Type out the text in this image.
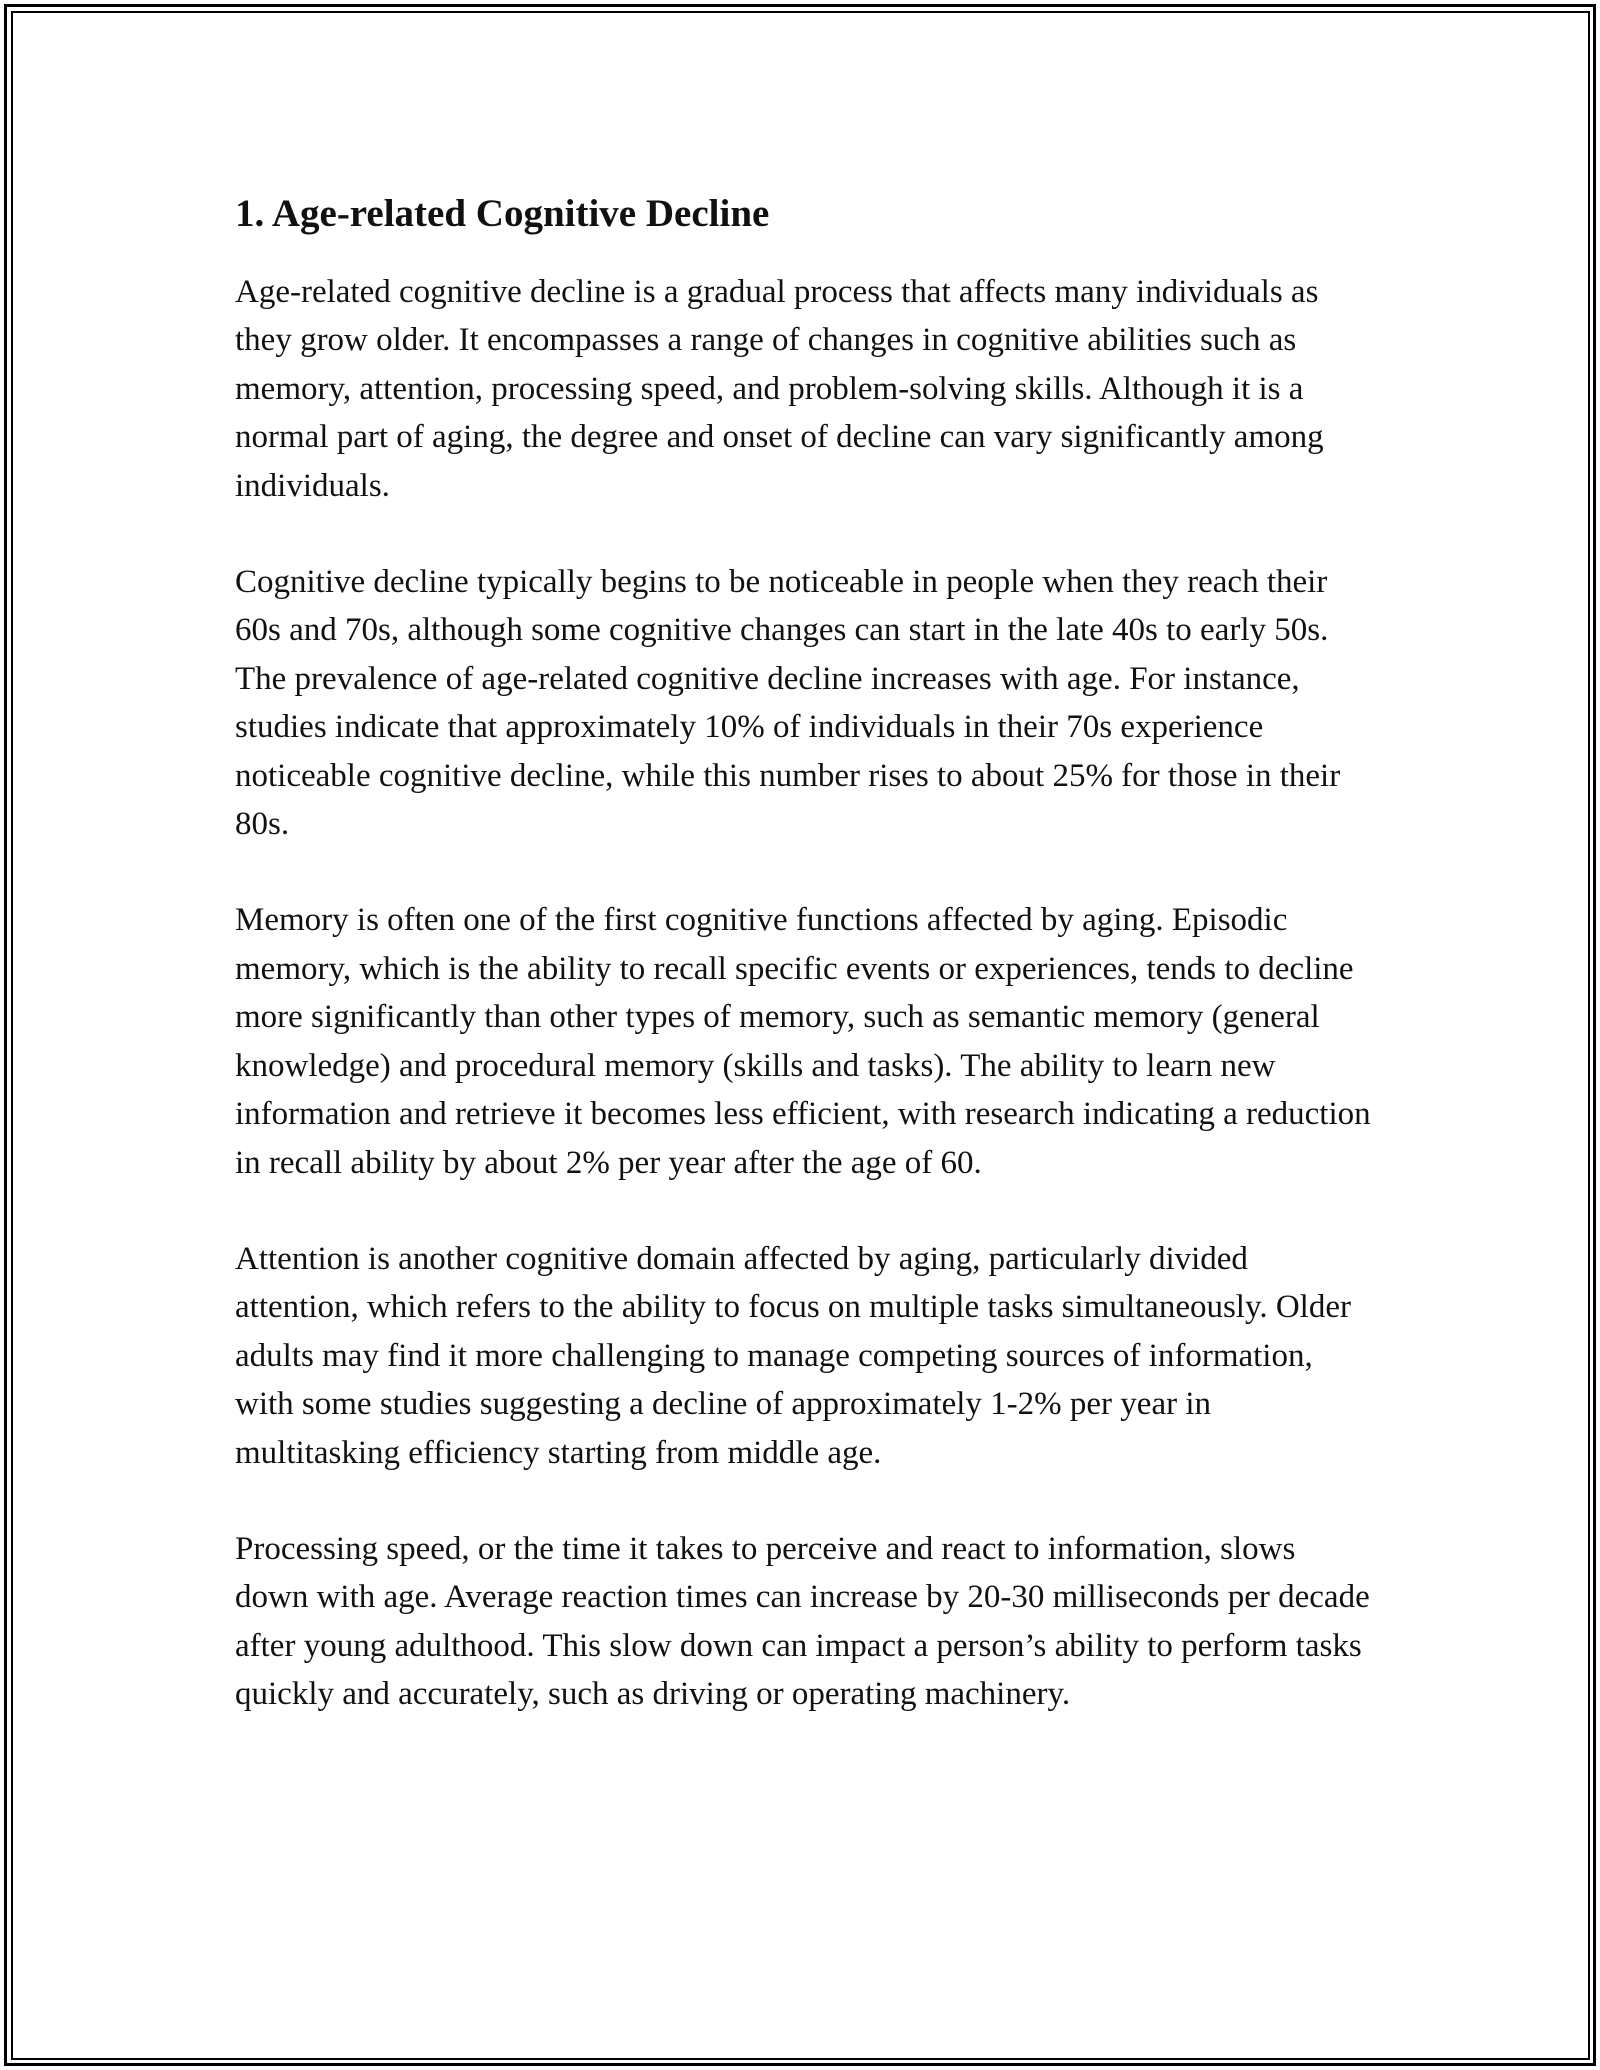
1. Age-related Cognitive Decline

Age-related cognitive decline is a gradual process that affects many individuals as they grow older. It encompasses a range of changes in cognitive abilities such as memory, attention, processing speed, and problem-solving skills. Although it is a normal part of aging, the degree and onset of decline can vary significantly among individuals.

Cognitive decline typically begins to be noticeable in people when they reach their 60s and 70s, although some cognitive changes can start in the late 40s to early 50s. The prevalence of age-related cognitive decline increases with age. For instance, studies indicate that approximately 10% of individuals in their 70s experience noticeable cognitive decline, while this number rises to about 25% for those in their 80s.

Memory is often one of the first cognitive functions affected by aging. Episodic memory, which is the ability to recall specific events or experiences, tends to decline more significantly than other types of memory, such as semantic memory (general knowledge) and procedural memory (skills and tasks). The ability to learn new information and retrieve it becomes less efficient, with research indicating a reduction in recall ability by about 2% per year after the age of 60.

Attention is another cognitive domain affected by aging, particularly divided attention, which refers to the ability to focus on multiple tasks simultaneously. Older adults may find it more challenging to manage competing sources of information, with some studies suggesting a decline of approximately 1-2% per year in multitasking efficiency starting from middle age.

Processing speed, or the time it takes to perceive and react to information, slows down with age. Average reaction times can increase by 20-30 milliseconds per decade after young adulthood. This slow down can impact a person’s ability to perform tasks quickly and accurately, such as driving or operating machinery.
